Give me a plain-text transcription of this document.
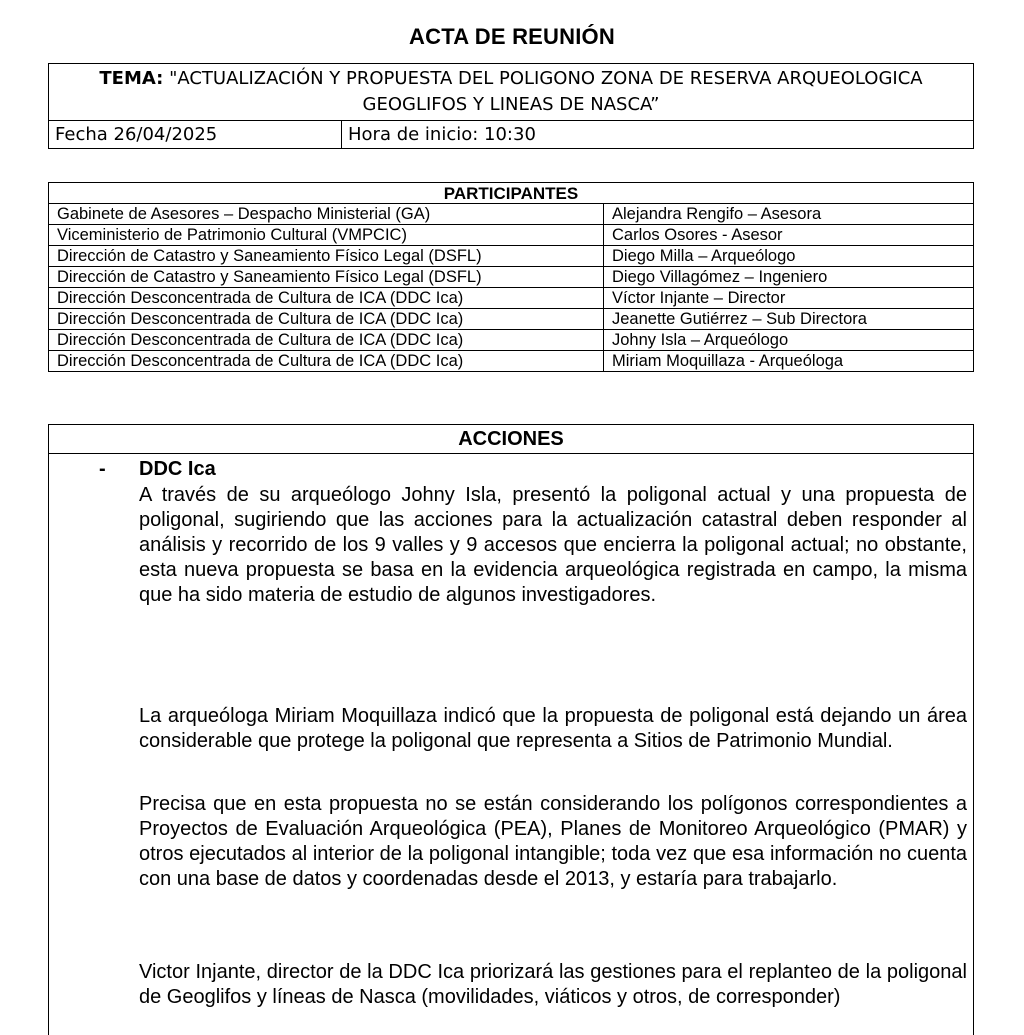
ACTA DE REUNIÓN
TEMA: "ACTUALIZACIÓN Y PROPUESTA DEL POLIGONO ZONA DE RESERVA ARQUEOLOGICA GEOGLIFOS Y LINEAS DE NASCA”
Fecha 26/04/2025	Hora de inicio: 10:30
PARTICIPANTES	
Gabinete de Asesores – Despacho Ministerial (GA)	Alejandra Rengifo – Asesora
Viceministerio de Patrimonio Cultural (VMPCIC)	Carlos Osores - Asesor
Dirección de Catastro y Saneamiento Físico Legal (DSFL)	Diego Milla – Arqueólogo
Dirección de Catastro y Saneamiento Físico Legal (DSFL)	Diego Villagómez – Ingeniero
Dirección Desconcentrada de Cultura de ICA (DDC Ica)	Víctor Injante – Director
Dirección Desconcentrada de Cultura de ICA (DDC Ica)	Jeanette Gutiérrez – Sub Directora
Dirección Desconcentrada de Cultura de ICA (DDC Ica)	Johny Isla – Arqueólogo
Dirección Desconcentrada de Cultura de ICA (DDC Ica)	Miriam Moquillaza - Arqueóloga
ACCIONES
- DDC Ica

A través de su arqueólogo Johny Isla, presentó la poligonal actual y una propuesta de poligonal, sugiriendo que las acciones para la actualización catastral deben responder al análisis y recorrido de los 9 valles y 9 accesos que encierra la poligonal actual; no obstante, esta nueva propuesta se basa en la evidencia arqueológica registrada en campo, la misma que ha sido materia de estudio de algunos investigadores.

La arqueóloga Miriam Moquillaza indicó que la propuesta de poligonal está dejando un área considerable que protege la poligonal que representa a Sitios de Patrimonio Mundial.

Precisa que en esta propuesta no se están considerando los polígonos correspondientes a Proyectos de Evaluación Arqueológica (PEA), Planes de Monitoreo Arqueológico (PMAR) y otros ejecutados al interior de la poligonal intangible; toda vez que esa información no cuenta con una base de datos y coordenadas desde el 2013, y estaría para trabajarlo.

Victor Injante, director de la DDC Ica priorizará las gestiones para el replanteo de la poligonal de Geoglifos y líneas de Nasca (movilidades, viáticos y otros, de corresponder)
